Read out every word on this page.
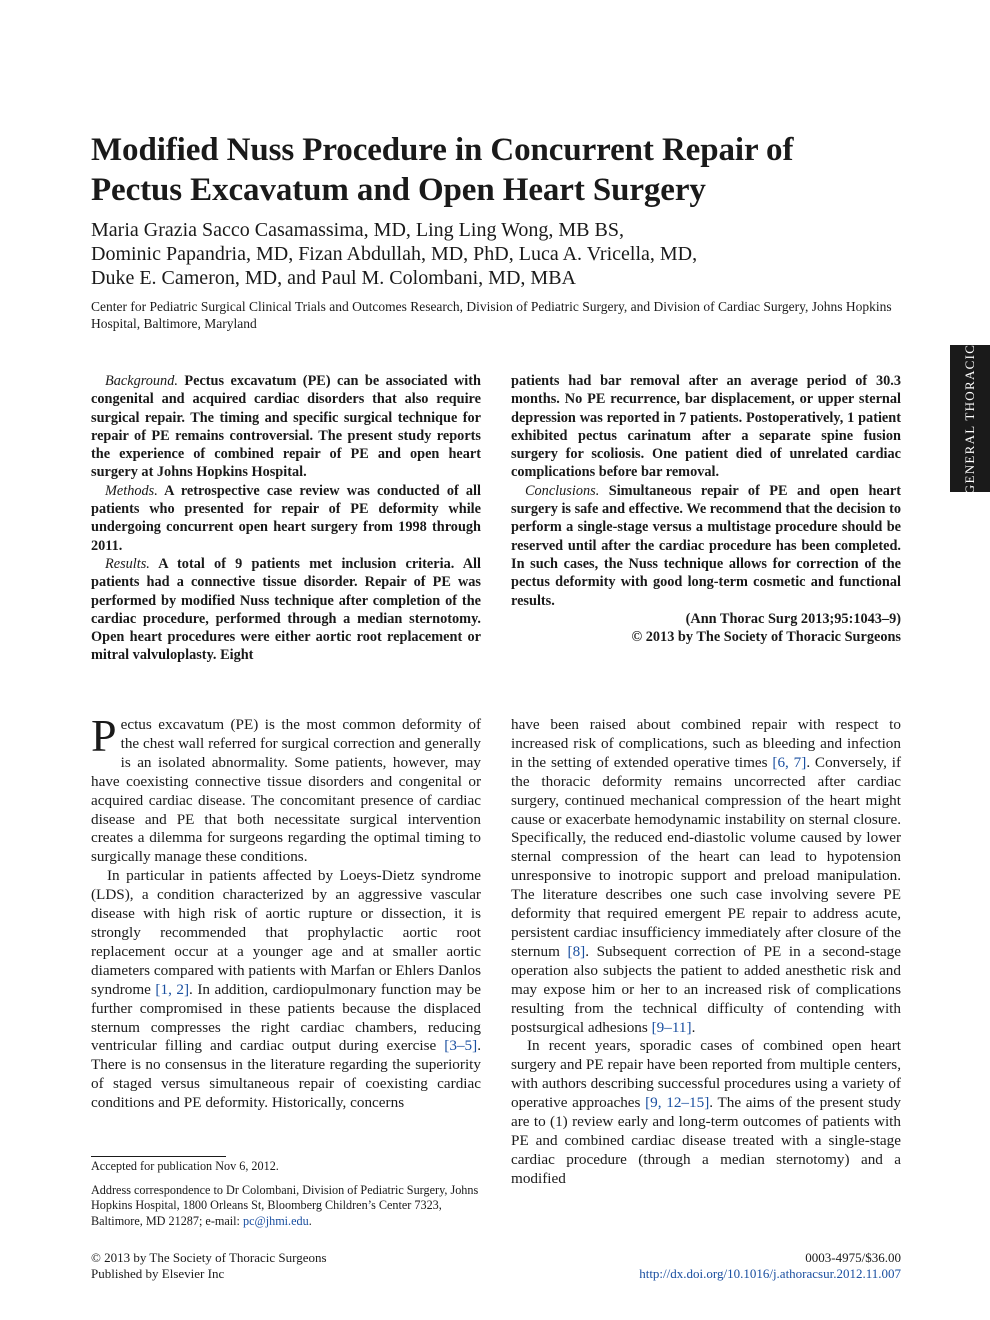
Modified Nuss Procedure in Concurrent Repair of
Pectus Excavatum and Open Heart Surgery
Maria Grazia Sacco Casamassima, MD, Ling Ling Wong, MB BS,
Dominic Papandria, MD, Fizan Abdullah, MD, PhD, Luca A. Vricella, MD,
Duke E. Cameron, MD, and Paul M. Colombani, MD, MBA
Center for Pediatric Surgical Clinical Trials and Outcomes Research, Division of Pediatric Surgery, and Division of Cardiac Surgery, Johns Hopkins Hospital, Baltimore, Maryland
GENERAL THORACIC

Background. Pectus excavatum (PE) can be associated with congenital and acquired cardiac disorders that also require surgical repair. The timing and specific surgical technique for repair of PE remains controversial. The present study reports the experience of combined repair of PE and open heart surgery at Johns Hopkins Hospital.

Methods. A retrospective case review was conducted of all patients who presented for repair of PE deformity while undergoing concurrent open heart surgery from 1998 through 2011.

Results. A total of 9 patients met inclusion criteria. All patients had a connective tissue disorder. Repair of PE was performed by modified Nuss technique after completion of the cardiac procedure, performed through a median sternotomy. Open heart procedures were either aortic root replacement or mitral valvuloplasty. Eight

patients had bar removal after an average period of 30.3 months. No PE recurrence, bar displacement, or upper sternal depression was reported in 7 patients. Postoperatively, 1 patient exhibited pectus carinatum after a separate spine fusion surgery for scoliosis. One patient died of unrelated cardiac complications before bar removal.

Conclusions. Simultaneous repair of PE and open heart surgery is safe and effective. We recommend that the decision to perform a single-stage versus a multistage procedure should be reserved until after the cardiac procedure has been completed. In such cases, the Nuss technique allows for correction of the pectus deformity with good long-term cosmetic and functional results.

(Ann Thorac Surg 2013;95:1043–9)
© 2013 by The Society of Thoracic Surgeons

Pectus excavatum (PE) is the most common deformity of the chest wall referred for surgical correction and generally is an isolated abnormality. Some patients, however, may have coexisting connective tissue disorders and congenital or acquired cardiac disease. The concomitant presence of cardiac disease and PE that both necessitate surgical intervention creates a dilemma for surgeons regarding the optimal timing to surgically manage these conditions.

In particular in patients affected by Loeys-Dietz syndrome (LDS), a condition characterized by an aggressive vascular disease with high risk of aortic rupture or dissection, it is strongly recommended that prophylactic aortic root replacement occur at a younger age and at smaller aortic diameters compared with patients with Marfan or Ehlers Danlos syndrome [1, 2]. In addition, cardiopulmonary function may be further compromised in these patients because the displaced sternum compresses the right cardiac chambers, reducing ventricular filling and cardiac output during exercise [3–5]. There is no consensus in the literature regarding the superiority of staged versus simultaneous repair of coexisting cardiac conditions and PE deformity. Historically, concerns

have been raised about combined repair with respect to increased risk of complications, such as bleeding and infection in the setting of extended operative times [6, 7]. Conversely, if the thoracic deformity remains uncorrected after cardiac surgery, continued mechanical compression of the heart might cause or exacerbate hemodynamic instability on sternal closure. Specifically, the reduced end-diastolic volume caused by lower sternal compression of the heart can lead to hypotension unresponsive to inotropic support and preload manipulation. The literature describes one such case involving severe PE deformity that required emergent PE repair to address acute, persistent cardiac insufficiency immediately after closure of the sternum [8]. Subsequent correction of PE in a second-stage operation also subjects the patient to added anesthetic risk and may expose him or her to an increased risk of complications resulting from the technical difficulty of contending with postsurgical adhesions [9–11].

In recent years, sporadic cases of combined open heart surgery and PE repair have been reported from multiple centers, with authors describing successful procedures using a variety of operative approaches [9, 12–15]. The aims of the present study are to (1) review early and long-term outcomes of patients with PE and combined cardiac disease treated with a single-stage cardiac procedure (through a median sternotomy) and a modified

Accepted for publication Nov 6, 2012.

Address correspondence to Dr Colombani, Division of Pediatric Surgery, Johns Hopkins Hospital, 1800 Orleans St, Bloomberg Children’s Center 7323, Baltimore, MD 21287; e-mail: pc@jhmi.edu.

© 2013 by The Society of Thoracic Surgeons
Published by Elsevier Inc
0003-4975/$36.00
http://dx.doi.org/10.1016/j.athoracsur.2012.11.007
